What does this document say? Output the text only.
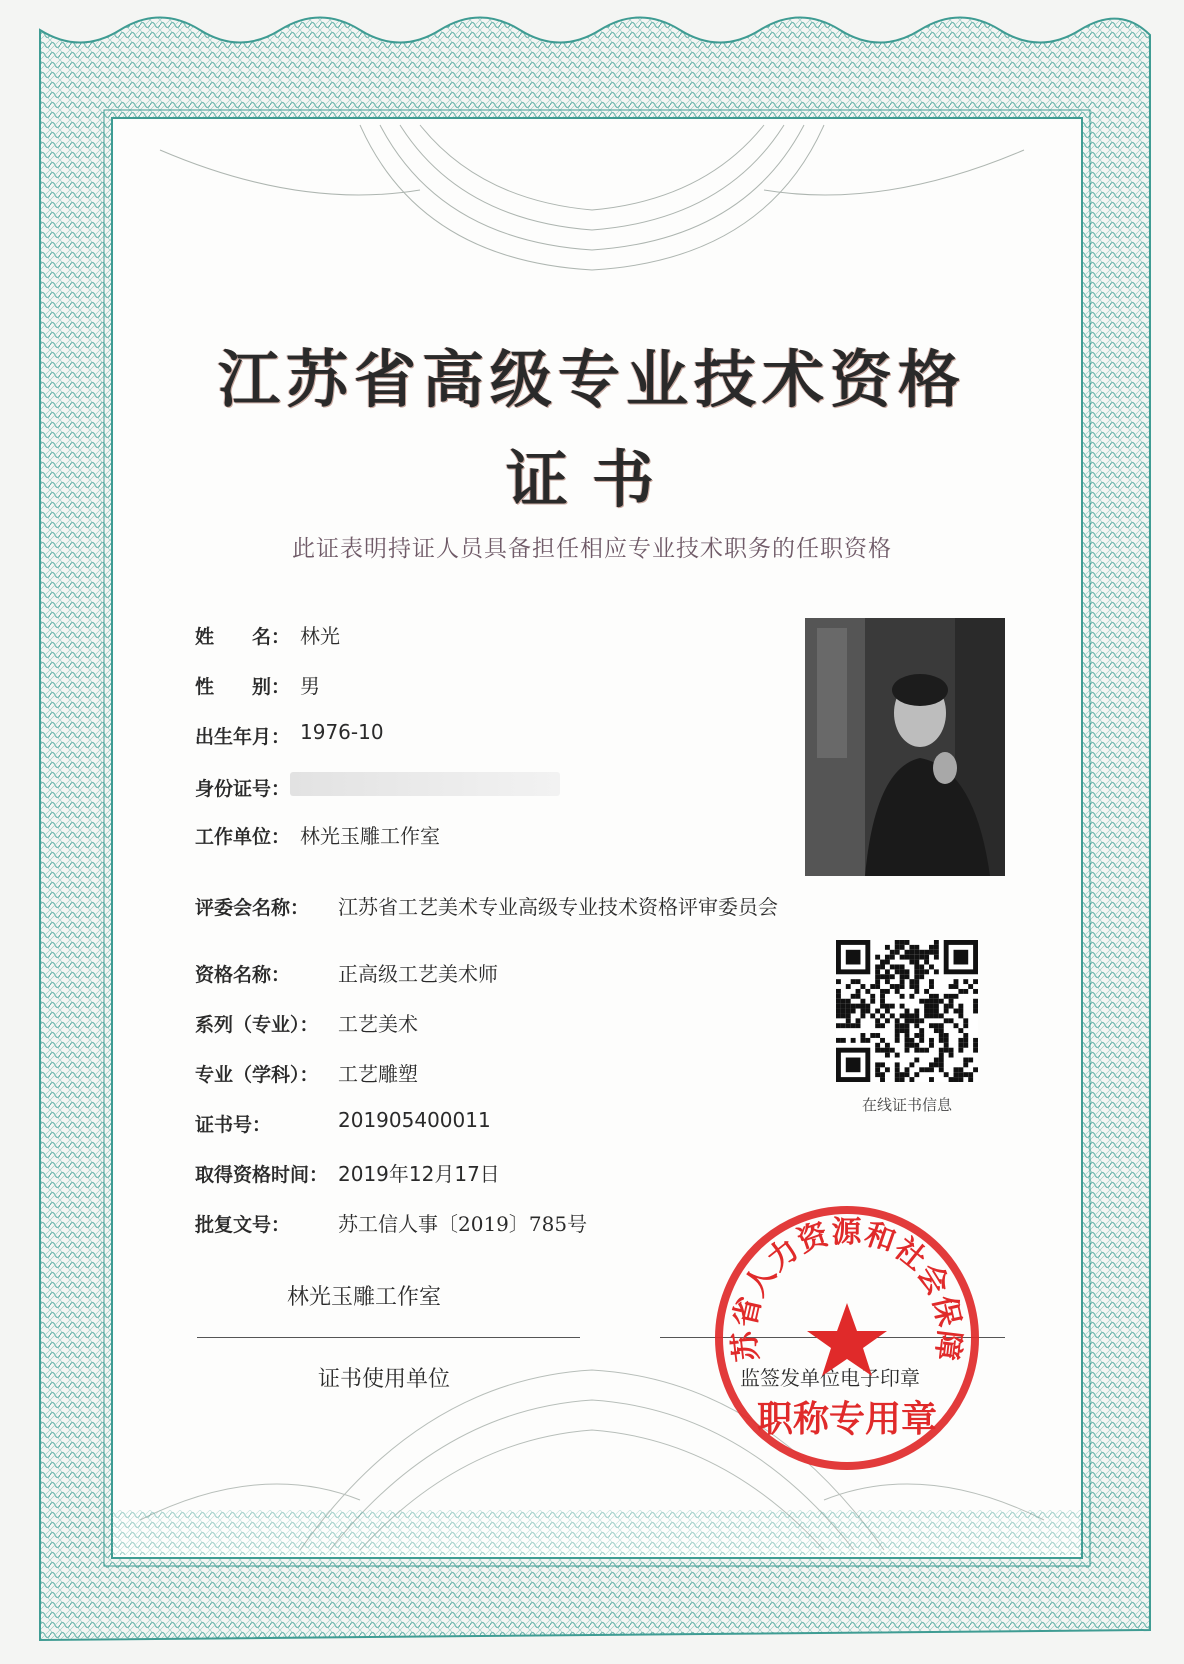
江苏省高级专业技术资格
证书
此证表明持证人员具备担任相应专业技术职务的任职资格
姓　　名： 林光
性　　别： 男
出生年月： 1976-10
身份证号：
工作单位： 林光玉雕工作室
评委会名称： 江苏省工艺美术专业高级专业技术资格评审委员会
资格名称： 正高级工艺美术师
系列（专业）： 工艺美术
专业（学科）： 工艺雕塑
证书号：	201905400011
取得资格时间： 2019年12月17日
批复文号： 苏工信人事〔2019〕785号
在线证书信息
林光玉雕工作室
证书使用单位	监签发单位电子印章
苏省人力资源和社会保障
职称专用章
